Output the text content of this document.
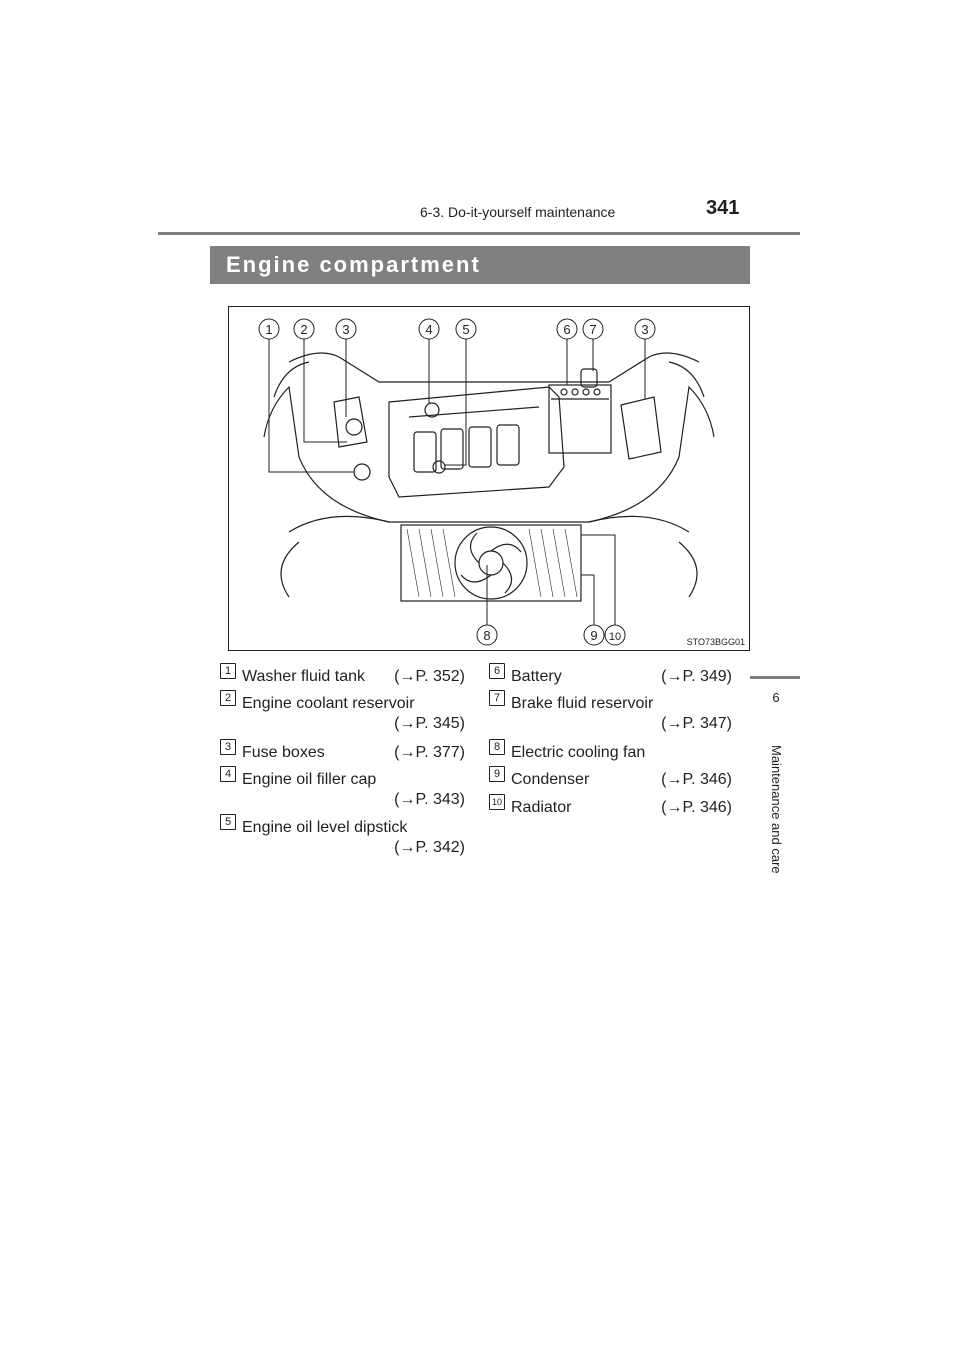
6-3. Do-it-yourself maintenance	341
6
Maintenance and care
Engine compartment
1 2	3	4 5	6 7	3
8	9 10	STO73BGG01
1 Washer fluid tank (→P. 352)
2 Engine coolant reservoir
(→P. 345)
3 Fuse boxes	(→P. 377)
4 Engine oil filler cap
(→P. 343)
5 Engine oil level dipstick
(→P. 342)
6 Battery	(→P. 349)
7 Brake fluid reservoir
(→P. 347)
8 Electric cooling fan
9 Condenser	(→P. 346)
10 Radiator	(→P. 346)
